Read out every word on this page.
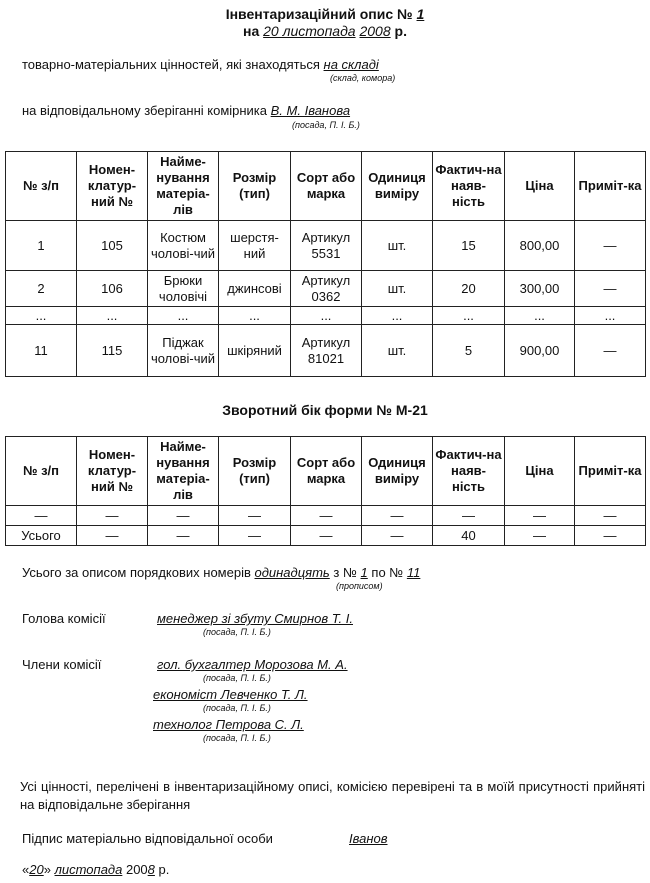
Інвентаризаційний опис № 1
на 20 листопада 2008 р.
товарно-матеріальних цінностей, які знаходяться на складі
(склад, комора)
на відповідальному зберіганні комірника В. М. Іванова
(посада, П. І. Б.)
№ з/п	Номен-клатур-ний №	Найме-нування матеріа-лів	Розмір (тип)	Сорт або марка	Одиниця виміру	Фактич-на наяв-ність	Ціна	Приміт-ка
1	105	Костюм чолові-чий	шерстя-ний	Артикул 5531	шт.	15	800,00	—
2	106	Брюки чоловічі	джинсові	Артикул 0362	шт.	20	300,00	—
...	...	...	...	...	...	...	...	...
11	115	Піджак чолові-чий	шкіряний	Артикул 81021	шт.	5	900,00	—
Зворотний бік форми № М-21
№ з/п	Номен-клатур-ний №	Найме-нування матеріа-лів	Розмір (тип)	Сорт або марка	Одиниця виміру	Фактич-на наяв-ність	Ціна	Приміт-ка
—	—	—	—	—	—	—	—	—
Усього	—	—	—	—	—	40	—	—
Усього за описом порядкових номерів одинадцять з № 1 по № 11
(прописом)
Голова комісії	менеджер зі збуту Смирнов Т. І.
(посада, П. І. Б.)
Члени комісії	гол. бухгалтер Морозова М. А.
(посада, П. І. Б.)
економіст Левченко Т. Л.
(посада, П. І. Б.)
технолог Петрова С. Л.
(посада, П. І. Б.)
Усі цінності, перелічені в інвентаризаційному описі, комісією перевірені та в моїй присутності прийняті на відповідальне зберігання
Підпис матеріально відповідальної особи	Іванов
«20» листопада 2008 р.
